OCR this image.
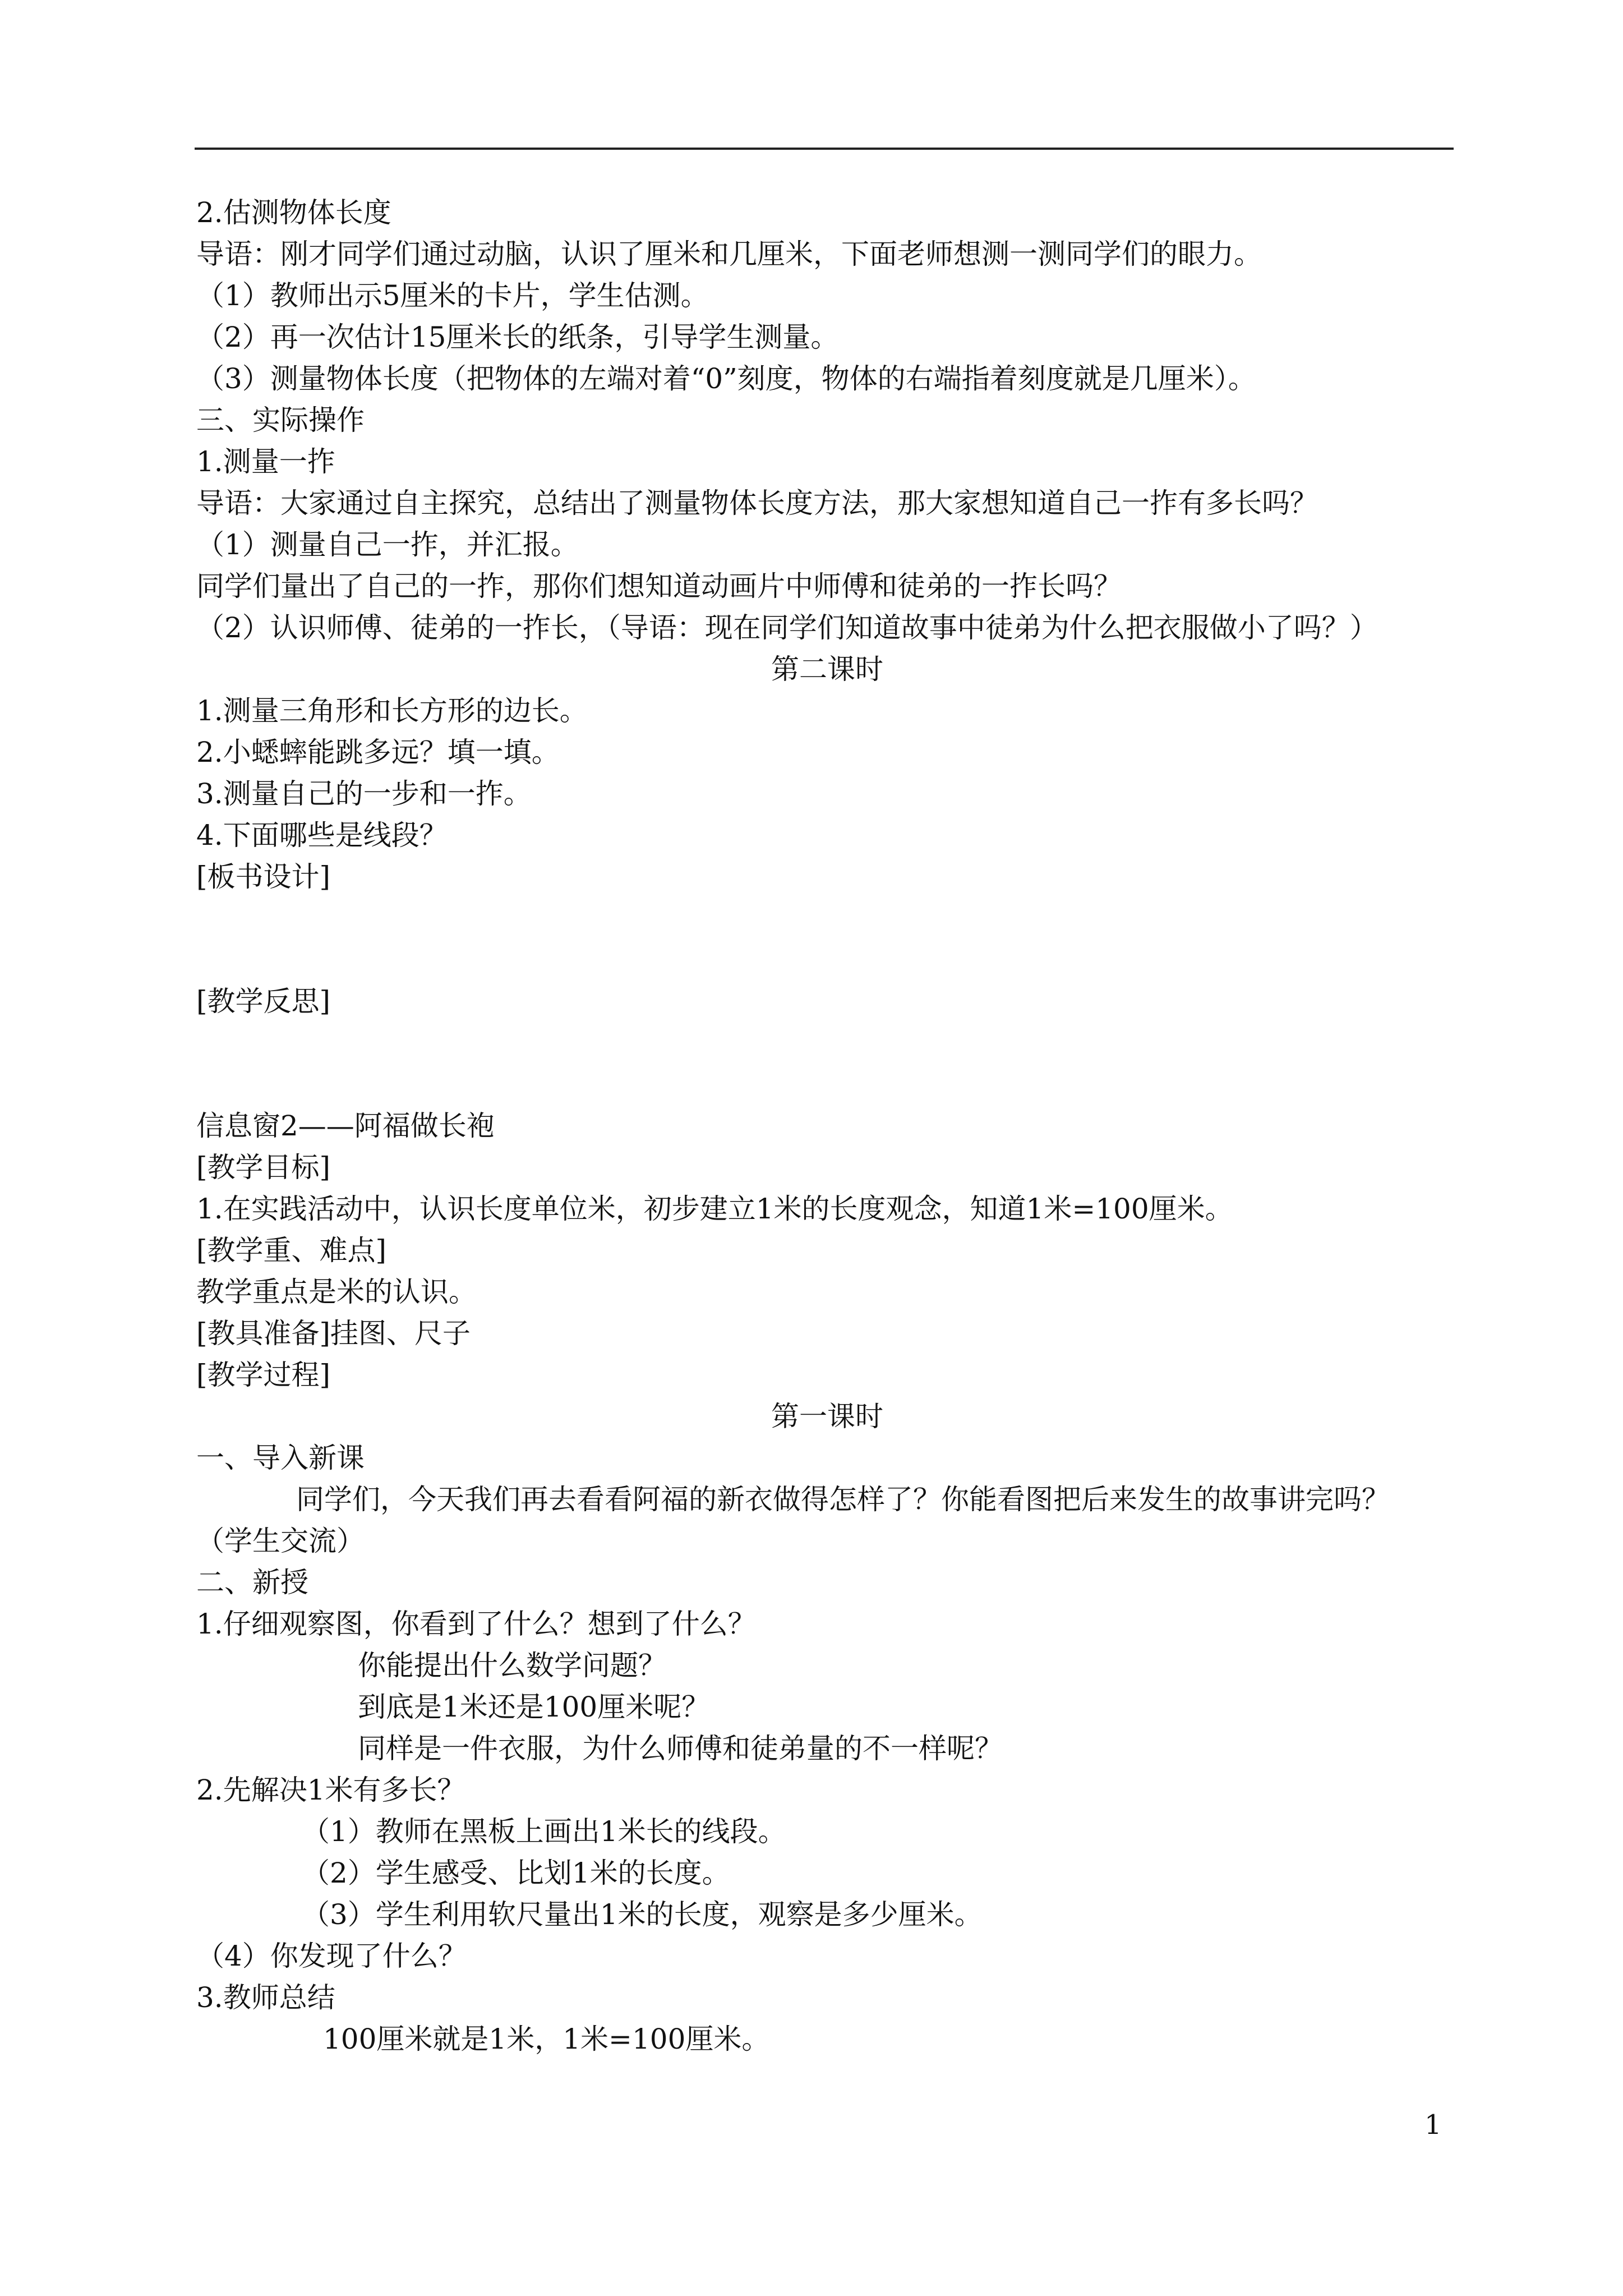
2.估测物体长度
导语：刚才同学们通过动脑，认识了厘米和几厘米，下面老师想测一测同学们的眼力。
（1）教师出示5厘米的卡片，学生估测。
（2）再一次估计15厘米长的纸条，引导学生测量。
（3）测量物体长度（把物体的左端对着“0”刻度，物体的右端指着刻度就是几厘米）。
三、实际操作
1.测量一拃
导语：大家通过自主探究，总结出了测量物体长度方法，那大家想知道自己一拃有多长吗？
（1）测量自己一拃，并汇报。
同学们量出了自己的一拃，那你们想知道动画片中师傅和徒弟的一拃长吗？
（2）认识师傅、徒弟的一拃长，（导语：现在同学们知道故事中徒弟为什么把衣服做小了吗？）
第二课时
1.测量三角形和长方形的边长。
2.小蟋蟀能跳多远？填一填。
3.测量自己的一步和一拃。
4.下面哪些是线段？
[板书设计]
[教学反思]
信息窗2——阿福做长袍
[教学目标]
1.在实践活动中，认识长度单位米，初步建立1米的长度观念，知道1米=100厘米。
[教学重、难点]
教学重点是米的认识。
[教具准备]挂图、尺子
[教学过程]
第一课时
一、导入新课
同学们，今天我们再去看看阿福的新衣做得怎样了？你能看图把后来发生的故事讲完吗？
（学生交流）
二、新授
1.仔细观察图，你看到了什么？想到了什么？
你能提出什么数学问题？
到底是1米还是100厘米呢？
同样是一件衣服，为什么师傅和徒弟量的不一样呢？
2.先解决1米有多长？
（1）教师在黑板上画出1米长的线段。
（2）学生感受、比划1米的长度。
（3）学生利用软尺量出1米的长度，观察是多少厘米。
（4）你发现了什么？
3.教师总结
100厘米就是1米，1米=100厘米。
1
